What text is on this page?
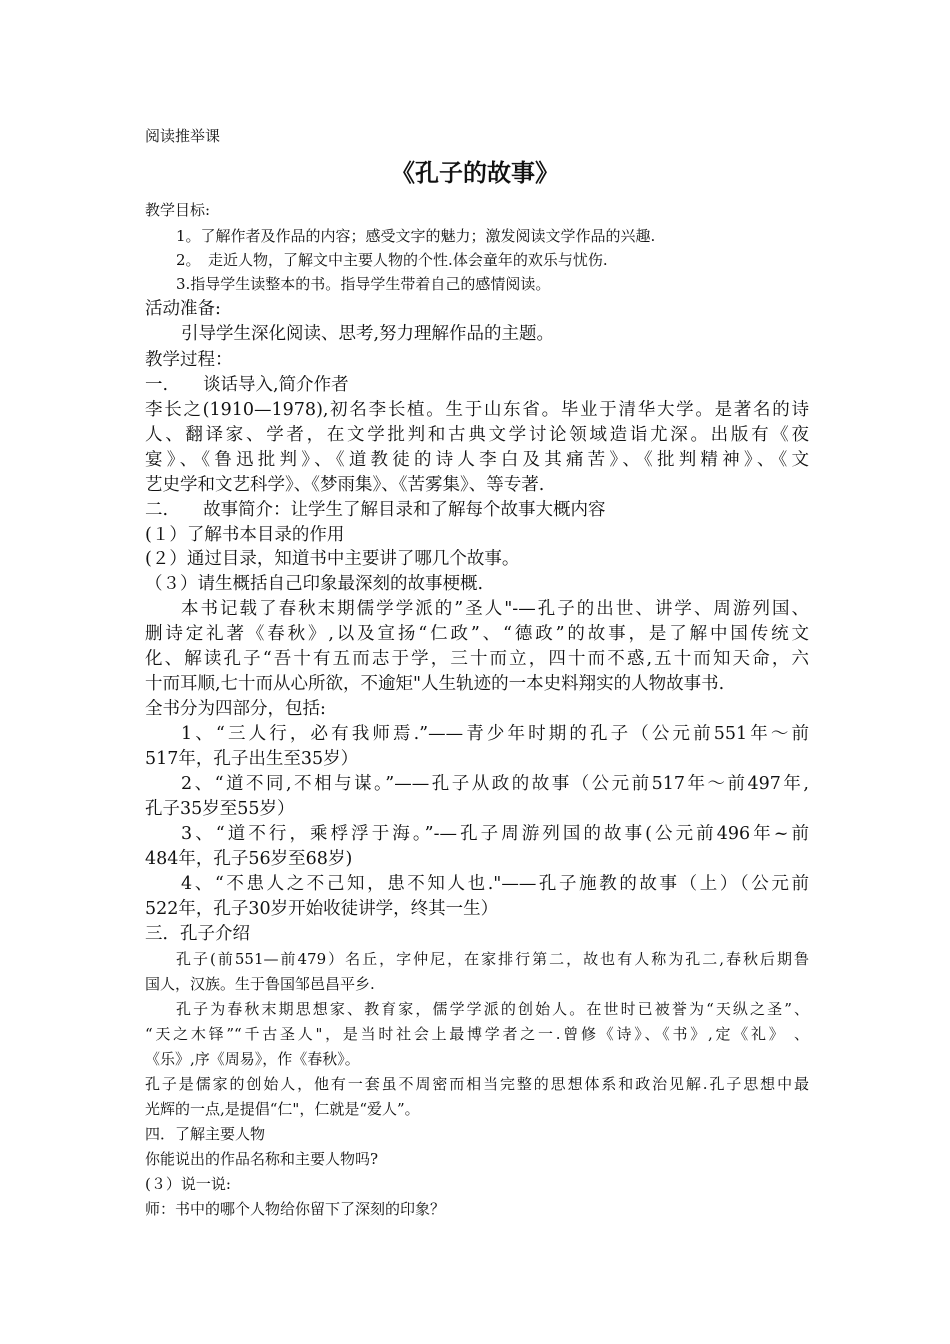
阅读推举课
《孔子的故事》
教学目标:
1。了解作者及作品的内容；感受文字的魅力；激发阅读文学作品的兴趣.
2。　走近人物，了解文中主要人物的个性.体会童年的欢乐与忧伤.
3.指导学生读整本的书。指导学生带着自己的感情阅读。
活动准备:
引导学生深化阅读、思考,努力理解作品的主题。
教学过程：
一.　　谈话导入,简介作者
李长之(1910—1978),初名李长植。生于山东省。毕业于清华大学。是著名的诗
人、翻译家、学者，在文学批判和古典文学讨论领域造诣尤深。出版有《夜
宴》、《鲁迅批判》、《道教徒的诗人李白及其痛苦》、《批判精神》、《文
艺史学和文艺科学》、《梦雨集》、《苦雾集》、等专著.
二.　　故事简介：让学生了解目录和了解每个故事大概内容
(１）了解书本目录的作用
(２）通过目录，知道书中主要讲了哪几个故事。
（３）请生概括自己印象最深刻的故事梗概.
本书记载了春秋末期儒学学派的”圣人"-—孔子的出世、讲学、周游列国、
删诗定礼著《春秋》,以及宣扬“仁政”、“德政”的故事，是了解中国传统文
化、解读孔子“吾十有五而志于学，三十而立，四十而不惑,五十而知天命，六
十而耳顺,七十而从心所欲，不逾矩"人生轨迹的一本史料翔实的人物故事书.
全书分为四部分，包括:
1、“三人行，必有我师焉.”——青少年时期的孔子（公元前551年～前
517年，孔子出生至35岁）
2、“道不同,不相与谋。”——孔子从政的故事（公元前517年～前497年,
孔子35岁至55岁）
3、“道不行，乘桴浮于海。”-—孔子周游列国的故事(公元前496年~前
484年，孔子56岁至68岁)
4、“不患人之不己知，患不知人也."——孔子施教的故事（上）（公元前
522年，孔子30岁开始收徒讲学，终其一生）
三．孔子介绍
孔子(前551—前479）名丘，字仲尼，在家排行第二，故也有人称为孔二,春秋后期鲁
国人，汉族。生于鲁国邹邑昌平乡.
孔子为春秋末期思想家、教育家，儒学学派的创始人。在世时已被誉为“天纵之圣”、
“天之木铎”“千古圣人"，是当时社会上最博学者之一.曾修《诗》、《书》,定《礼》 、
《乐》,序《周易》，作《春秋》。
孔子是儒家的创始人，他有一套虽不周密而相当完整的思想体系和政治见解.孔子思想中最
光辉的一点,是提倡“仁"，仁就是“爱人”。
四．了解主要人物
你能说出的作品名称和主要人物吗?
(３）说一说:
师：书中的哪个人物给你留下了深刻的印象？
